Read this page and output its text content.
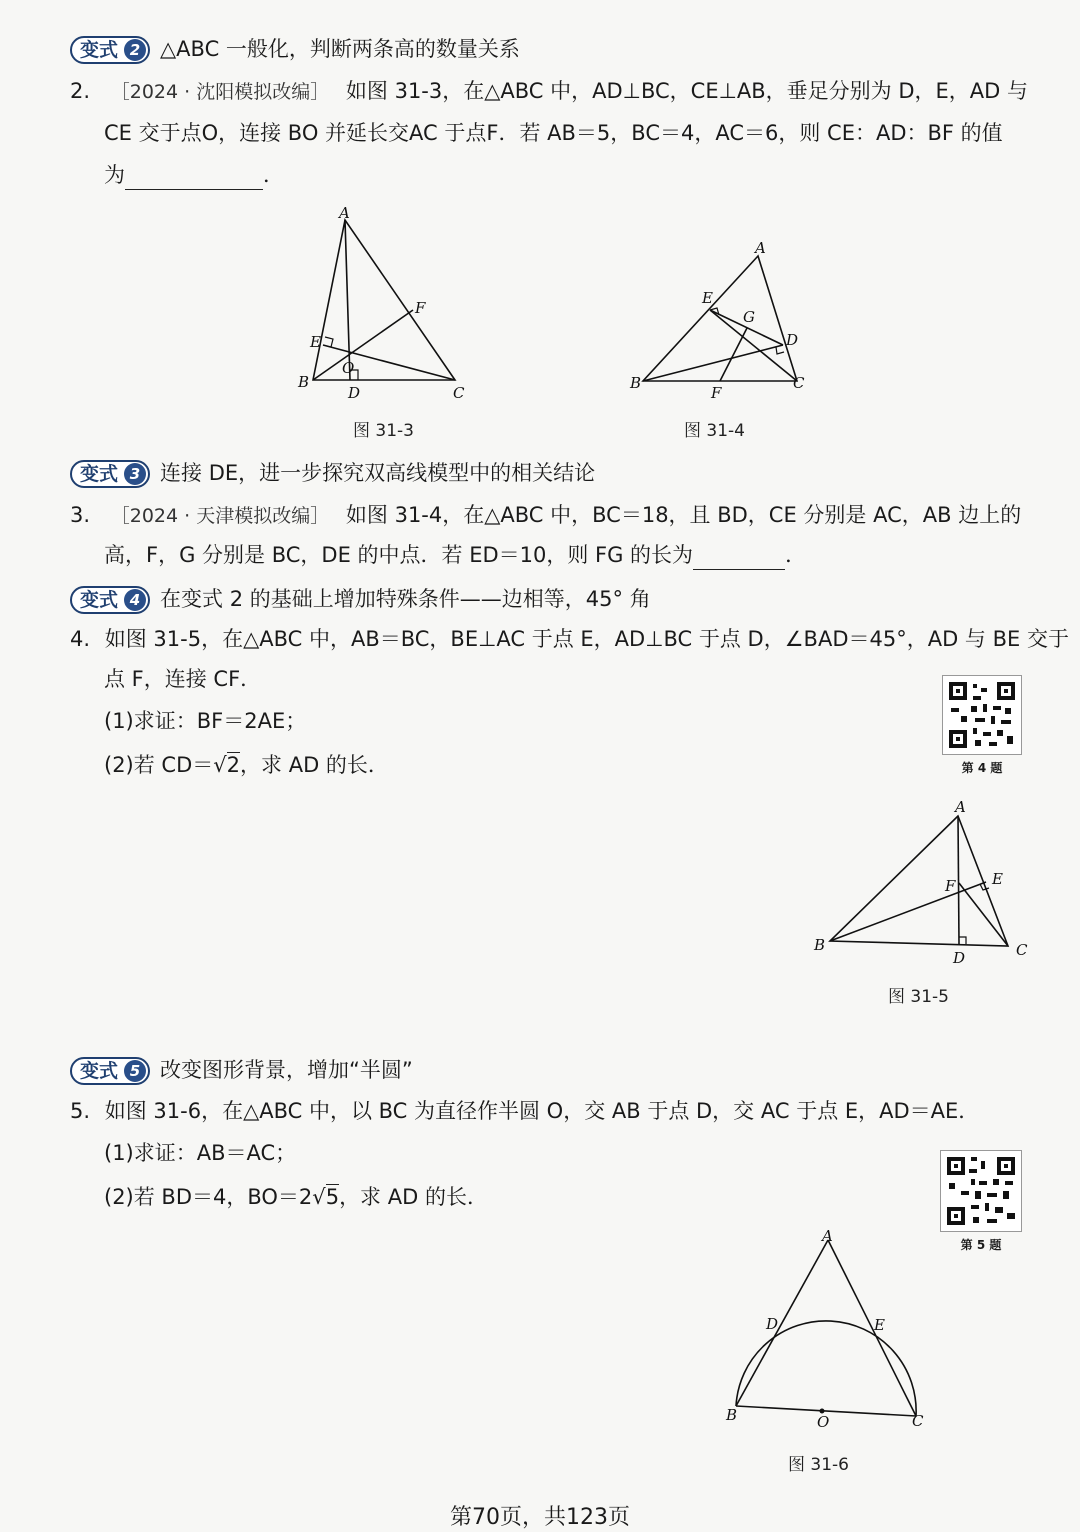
变式 2 △ABC 一般化，判断两条高的数量关系
2. ［2024 · 沈阳模拟改编］ 如图 31-3，在△ABC 中，AD⊥BC，CE⊥AB，垂足分别为 D，E，AD 与
CE 交于点O，连接 BO 并延长交AC 于点F．若 AB＝5，BC＝4，AC＝6，则 CE：AD：BF 的值
为	．
A
B
C
D
E
F
O
图 31-3
A
B	C
D
E
F
G
图 31-4
变式 3 连接 DE，进一步探究双高线模型中的相关结论
3. ［2024 · 天津模拟改编］ 如图 31-4，在△ABC 中，BC＝18，且 BD，CE 分别是 AC，AB 边上的
高，F，G 分别是 BC，DE 的中点．若 ED＝10，则 FG 的长为	．
变式 4 在变式 2 的基础上增加特殊条件——边相等，45° 角
4. 如图 31-5，在△ABC 中，AB＝BC，BE⊥AC 于点 E，AD⊥BC 于点 D，∠BAD＝45°，AD 与 BE 交于
点 F，连接 CF．
(1)求证：BF＝2AE；
(2)若 CD＝√2，求 AD 的长．	第 4 题
A
B	C
D
E
F
图 31-5
变式 5 改变图形背景，增加“半圆”
5. 如图 31-6，在△ABC 中，以 BC 为直径作半圆 O，交 AB 于点 D，交 AC 于点 E，AD＝AE．
(1)求证：AB＝AC；
(2)若 BD＝4，BO＝2√5，求 AD 的长．
第 5 题
A
B	C
D	E
O
图 31-6
第70页，共123页
